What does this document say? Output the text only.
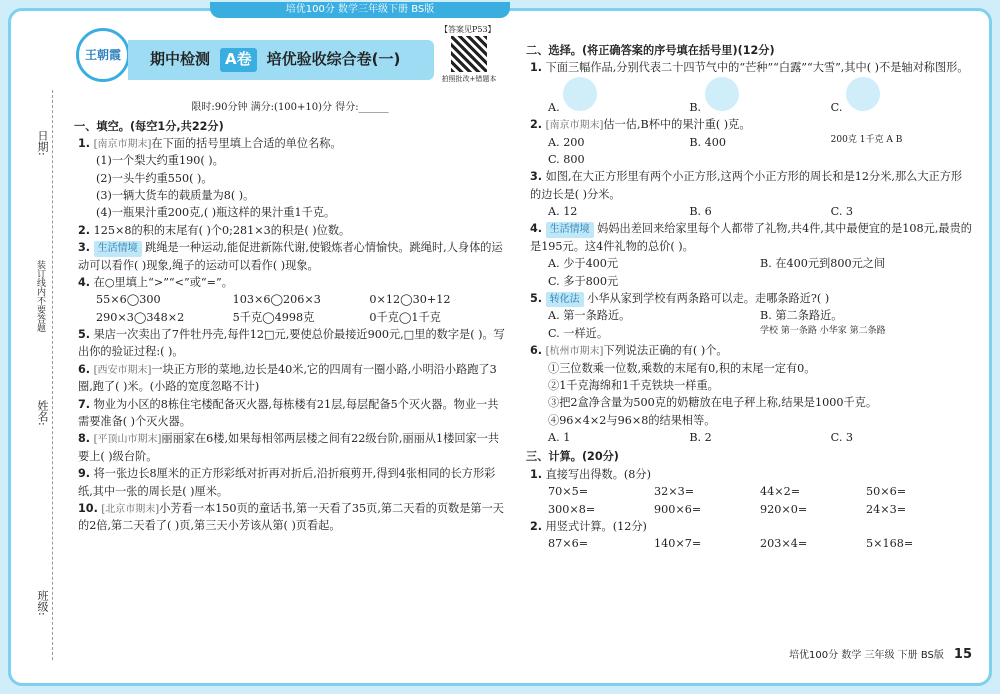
培优100分 数学三年级下册 BS版
日期:
装订线内不要答题
姓名:
班级:
王朝霞	期中检测	A卷	培优验收综合卷(一)
拍照批改+错题本
【答案见P53】
限时:90分钟 满分:(100+10)分 得分:______
一、填空。(每空1分,共22分)
1. [南京市期末]在下面的括号里填上合适的单位名称。
(1)一个梨大约重190( )。
(2)一头牛约重550( )。
(3)一辆大货车的载质量为8( )。
(4)一瓶果汁重200克,( )瓶这样的果汁重1千克。
2. 125×8的积的末尾有( )个0;281×3的积是( )位数。
3. 生活情境 跳绳是一种运动,能促进新陈代谢,使锻炼者心情愉快。跳绳时,人身体的运动可以看作( )现象,绳子的运动可以看作( )现象。
4. 在○里填上“>”“<”或“=”。
55×6◯300	103×6◯206×3	0×12◯30+12
290×3◯348×2	5千克◯4998克	0千克◯1千克
5. 果店一次卖出了7件牡丹壳,每件12□元,要使总价最接近900元,□里的数字是( )。写出你的验证过程:( )。
6. [西安市期末]一块正方形的菜地,边长是40米,它的四周有一圈小路,小明沿小路跑了3圈,跑了( )米。(小路的宽度忽略不计)
7. 物业为小区的8栋住宅楼配备灭火器,每栋楼有21层,每层配备5个灭火器。物业一共需要准备( )个灭火器。
8. [平顶山市期末]丽丽家在6楼,如果每相邻两层楼之间有22级台阶,丽丽从1楼回家一共要上( )级台阶。
9. 将一张边长8厘米的正方形彩纸对折再对折后,沿折痕剪开,得到4张相同的长方形彩纸,其中一张的周长是( )厘米。
10. [北京市期末]小芳看一本150页的童话书,第一天看了35页,第二天看的页数是第一天的2倍,第二天看了( )页,第三天小芳该从第( )页看起。
二、选择。(将正确答案的序号填在括号里)(12分)
1. 下面三幅作品,分别代表二十四节气中的“芒种”“白露”“大雪”,其中( )不是轴对称图形。
A.	B.	C.
2. [南京市期末]估一估,B杯中的果汁重( )克。
A. 200	B. 400	200克 1千克 A B
C. 800
3. 如图,在大正方形里有两个小正方形,这两个小正方形的周长和是12分米,那么大正方形的边长是( )分米。
A. 12	B. 6	C. 3
4. 生活情境 妈妈出差回来给家里每个人都带了礼物,共4件,其中最便宜的是108元,最贵的是195元。这4件礼物的总价( )。
A. 少于400元	B. 在400元到800元之间
C. 多于800元
5. 转化法 小华从家到学校有两条路可以走。走哪条路近?( )
A. 第一条路近。	B. 第二条路近。
C. 一样近。	学校 第一条路 小华家 第二条路
6. [杭州市期末]下列说法正确的有( )个。
①三位数乘一位数,乘数的末尾有0,积的末尾一定有0。
②1千克海绵和1千克铁块一样重。
③把2盒净含量为500克的奶糖放在电子秤上称,结果是1000千克。
④96×4×2与96×8的结果相等。
A. 1	B. 2	C. 3
三、计算。(20分)
1. 直接写出得数。(8分)
70×5=	32×3=	44×2=	50×6=
300×8=	900×6=	920×0=	24×3=
2. 用竖式计算。(12分)
87×6=	140×7=	203×4=	5×168=
培优100分 数学 三年级 下册 BS版 15
